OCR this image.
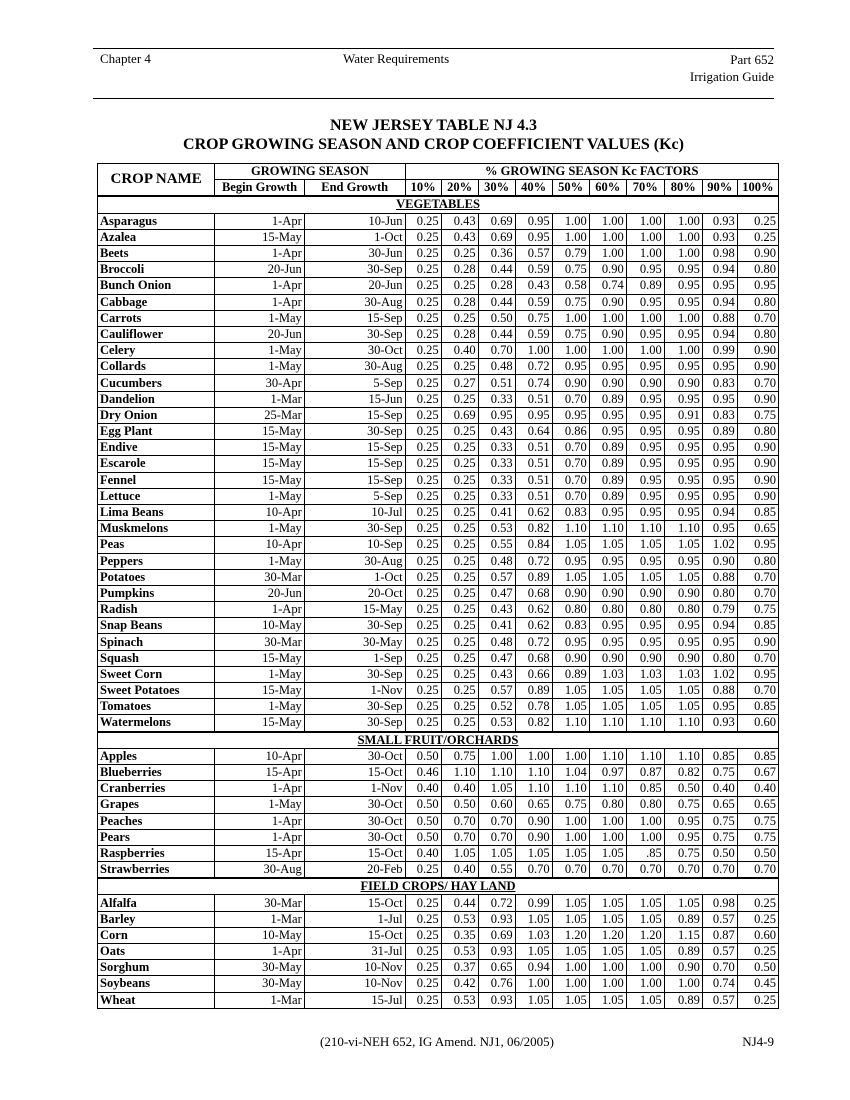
Chapter 4	Water Requirements	Part 652
Irrigation Guide
NEW JERSEY TABLE NJ 4.3
CROP GROWING SEASON AND CROP COEFFICIENT VALUES (Kc)
CROP NAME	GROWING SEASON		% GROWING SEASON Kc FACTORS									
	Begin Growth	End Growth	10%	20%	30%	40%	50%	60%	70%	80%	90%	100%
VEGETABLES												
Asparagus	1-Apr	10-Jun	0.25	0.43	0.69	0.95	1.00	1.00	1.00	1.00	0.93	0.25
Azalea	15-May	1-Oct	0.25	0.43	0.69	0.95	1.00	1.00	1.00	1.00	0.93	0.25
Beets	1-Apr	30-Jun	0.25	0.25	0.36	0.57	0.79	1.00	1.00	1.00	0.98	0.90
Broccoli	20-Jun	30-Sep	0.25	0.28	0.44	0.59	0.75	0.90	0.95	0.95	0.94	0.80
Bunch Onion	1-Apr	20-Jun	0.25	0.25	0.28	0.43	0.58	0.74	0.89	0.95	0.95	0.95
Cabbage	1-Apr	30-Aug	0.25	0.28	0.44	0.59	0.75	0.90	0.95	0.95	0.94	0.80
Carrots	1-May	15-Sep	0.25	0.25	0.50	0.75	1.00	1.00	1.00	1.00	0.88	0.70
Cauliflower	20-Jun	30-Sep	0.25	0.28	0.44	0.59	0.75	0.90	0.95	0.95	0.94	0.80
Celery	1-May	30-Oct	0.25	0.40	0.70	1.00	1.00	1.00	1.00	1.00	0.99	0.90
Collards	1-May	30-Aug	0.25	0.25	0.48	0.72	0.95	0.95	0.95	0.95	0.95	0.90
Cucumbers	30-Apr	5-Sep	0.25	0.27	0.51	0.74	0.90	0.90	0.90	0.90	0.83	0.70
Dandelion	1-Mar	15-Jun	0.25	0.25	0.33	0.51	0.70	0.89	0.95	0.95	0.95	0.90
Dry Onion	25-Mar	15-Sep	0.25	0.69	0.95	0.95	0.95	0.95	0.95	0.91	0.83	0.75
Egg Plant	15-May	30-Sep	0.25	0.25	0.43	0.64	0.86	0.95	0.95	0.95	0.89	0.80
Endive	15-May	15-Sep	0.25	0.25	0.33	0.51	0.70	0.89	0.95	0.95	0.95	0.90
Escarole	15-May	15-Sep	0.25	0.25	0.33	0.51	0.70	0.89	0.95	0.95	0.95	0.90
Fennel	15-May	15-Sep	0.25	0.25	0.33	0.51	0.70	0.89	0.95	0.95	0.95	0.90
Lettuce	1-May	5-Sep	0.25	0.25	0.33	0.51	0.70	0.89	0.95	0.95	0.95	0.90
Lima Beans	10-Apr	10-Jul	0.25	0.25	0.41	0.62	0.83	0.95	0.95	0.95	0.94	0.85
Muskmelons	1-May	30-Sep	0.25	0.25	0.53	0.82	1.10	1.10	1.10	1.10	0.95	0.65
Peas	10-Apr	10-Sep	0.25	0.25	0.55	0.84	1.05	1.05	1.05	1.05	1.02	0.95
Peppers	1-May	30-Aug	0.25	0.25	0.48	0.72	0.95	0.95	0.95	0.95	0.90	0.80
Potatoes	30-Mar	1-Oct	0.25	0.25	0.57	0.89	1.05	1.05	1.05	1.05	0.88	0.70
Pumpkins	20-Jun	20-Oct	0.25	0.25	0.47	0.68	0.90	0.90	0.90	0.90	0.80	0.70
Radish	1-Apr	15-May	0.25	0.25	0.43	0.62	0.80	0.80	0.80	0.80	0.79	0.75
Snap Beans	10-May	30-Sep	0.25	0.25	0.41	0.62	0.83	0.95	0.95	0.95	0.94	0.85
Spinach	30-Mar	30-May	0.25	0.25	0.48	0.72	0.95	0.95	0.95	0.95	0.95	0.90
Squash	15-May	1-Sep	0.25	0.25	0.47	0.68	0.90	0.90	0.90	0.90	0.80	0.70
Sweet Corn	1-May	30-Sep	0.25	0.25	0.43	0.66	0.89	1.03	1.03	1.03	1.02	0.95
Sweet Potatoes	15-May	1-Nov	0.25	0.25	0.57	0.89	1.05	1.05	1.05	1.05	0.88	0.70
Tomatoes	1-May	30-Sep	0.25	0.25	0.52	0.78	1.05	1.05	1.05	1.05	0.95	0.85
Watermelons	15-May	30-Sep	0.25	0.25	0.53	0.82	1.10	1.10	1.10	1.10	0.93	0.60
SMALL FRUIT/ORCHARDS												
Apples	10-Apr	30-Oct	0.50	0.75	1.00	1.00	1.00	1.10	1.10	1.10	0.85	0.85
Blueberries	15-Apr	15-Oct	0.46	1.10	1.10	1.10	1.04	0.97	0.87	0.82	0.75	0.67
Cranberries	1-Apr	1-Nov	0.40	0.40	1.05	1.10	1.10	1.10	0.85	0.50	0.40	0.40
Grapes	1-May	30-Oct	0.50	0.50	0.60	0.65	0.75	0.80	0.80	0.75	0.65	0.65
Peaches	1-Apr	30-Oct	0.50	0.70	0.70	0.90	1.00	1.00	1.00	0.95	0.75	0.75
Pears	1-Apr	30-Oct	0.50	0.70	0.70	0.90	1.00	1.00	1.00	0.95	0.75	0.75
Raspberries	15-Apr	15-Oct	0.40	1.05	1.05	1.05	1.05	1.05	.85	0.75	0.50	0.50
Strawberries	30-Aug	20-Feb	0.25	0.40	0.55	0.70	0.70	0.70	0.70	0.70	0.70	0.70
FIELD CROPS/ HAY LAND												
Alfalfa	30-Mar	15-Oct	0.25	0.44	0.72	0.99	1.05	1.05	1.05	1.05	0.98	0.25
Barley	1-Mar	1-Jul	0.25	0.53	0.93	1.05	1.05	1.05	1.05	0.89	0.57	0.25
Corn	10-May	15-Oct	0.25	0.35	0.69	1.03	1.20	1.20	1.20	1.15	0.87	0.60
Oats	1-Apr	31-Jul	0.25	0.53	0.93	1.05	1.05	1.05	1.05	0.89	0.57	0.25
Sorghum	30-May	10-Nov	0.25	0.37	0.65	0.94	1.00	1.00	1.00	0.90	0.70	0.50
Soybeans	30-May	10-Nov	0.25	0.42	0.76	1.00	1.00	1.00	1.00	1.00	0.74	0.45
Wheat	1-Mar	15-Jul	0.25	0.53	0.93	1.05	1.05	1.05	1.05	0.89	0.57	0.25
(210-vi-NEH 652, IG Amend. NJ1, 06/2005)	NJ4-9
